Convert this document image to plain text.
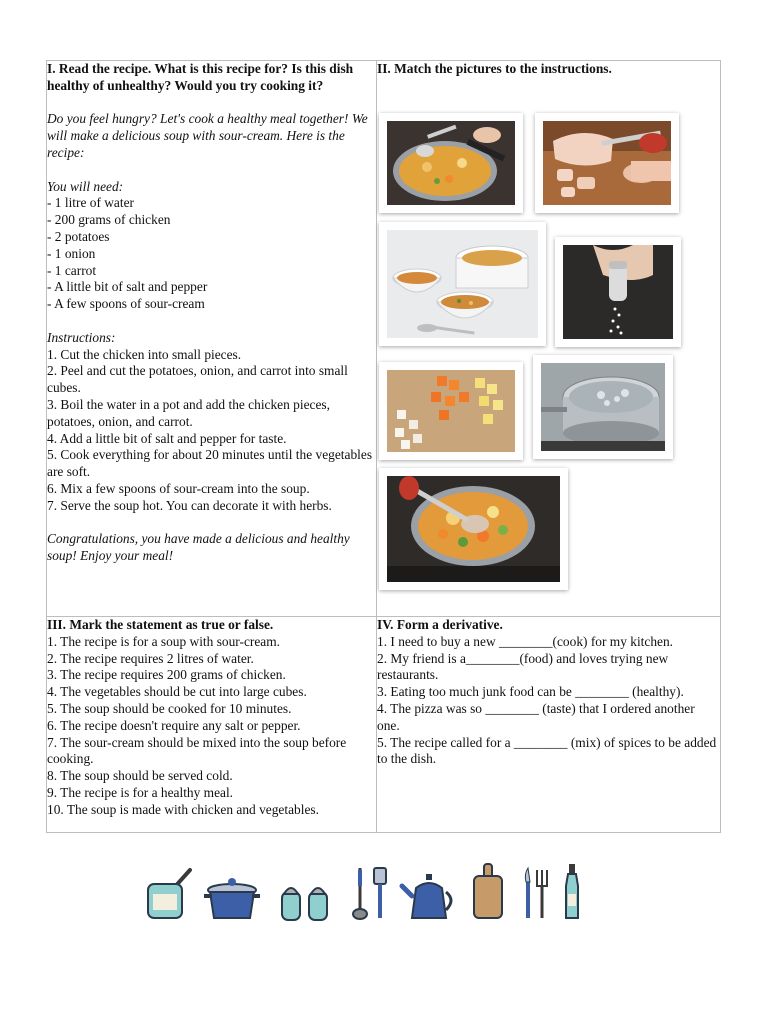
I. Read the recipe. What is this recipe for? Is this dish healthy of unhealthy? Would you try cooking it?

Do you feel hungry? Let's cook a healthy meal together! We will make a delicious soup with sour-cream. Here is the recipe:

You will need:

- 1 litre of water

- 200 grams of chicken

- 2 potatoes

- 1 onion

- 1 carrot

- A little bit of salt and pepper

- A few spoons of sour-cream

Instructions:

1. Cut the chicken into small pieces.

2. Peel and cut the potatoes, onion, and carrot into small cubes.

3. Boil the water in a pot and add the chicken pieces, potatoes, onion, and carrot.

4. Add a little bit of salt and pepper for taste.

5. Cook everything for about 20 minutes until the vegetables are soft.

6. Mix a few spoons of sour-cream into the soup.

7. Serve the soup hot. You can decorate it with herbs.

Congratulations, you have made a delicious and healthy soup! Enjoy your meal!

II. Match the pictures to the instructions.

III. Mark the statement as true or false.

1. The recipe is for a soup with sour-cream.

2. The recipe requires 2 litres of water.

3. The recipe requires 200 grams of chicken.

4. The vegetables should be cut into large cubes.

5. The soup should be cooked for 10 minutes.

6. The recipe doesn't require any salt or pepper.

7. The sour-cream should be mixed into the soup before cooking.

8. The soup should be served cold.

9. The recipe is for a healthy meal.

10. The soup is made with chicken and vegetables.

IV. Form a derivative.

1. I need to buy a new ________(cook) for my kitchen.

2. My friend is a________(food) and loves trying new restaurants.

3. Eating too much junk food can be ________ (healthy).

4. The pizza was so ________ (taste) that I ordered another one.

5. The recipe called for a ________ (mix) of spices to be added to the dish.
